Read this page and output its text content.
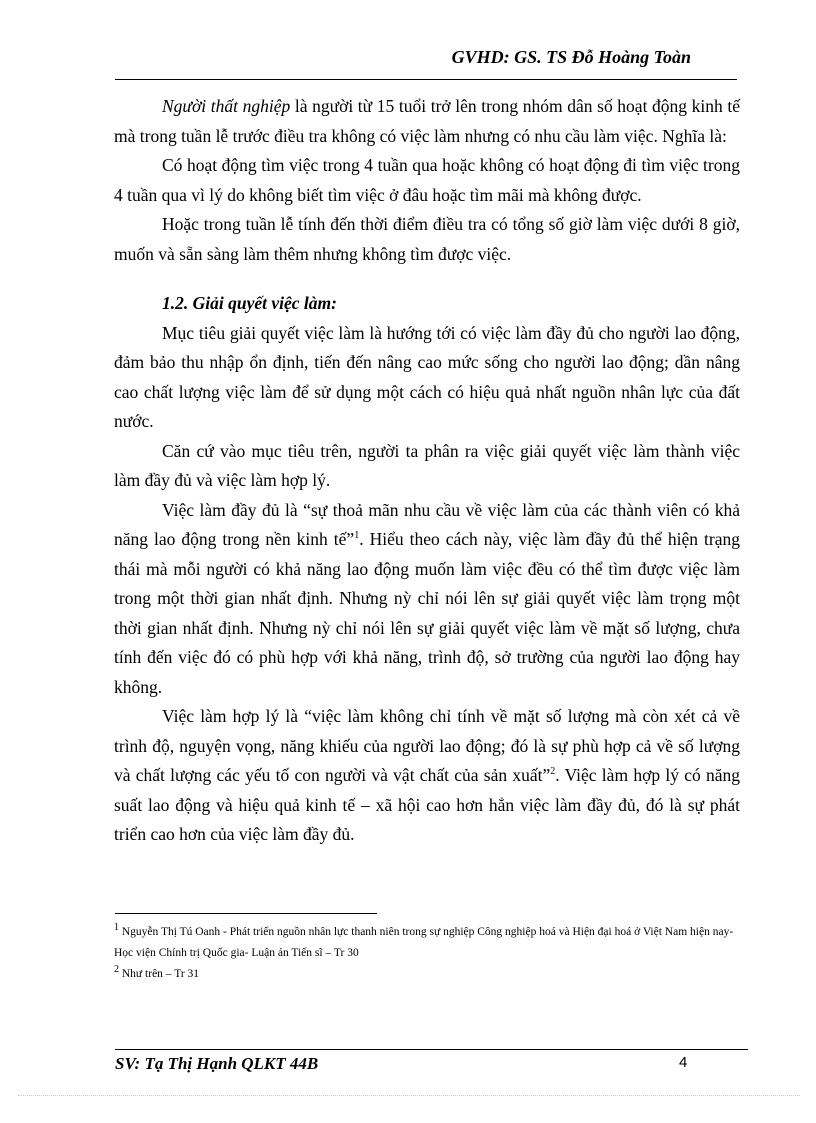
GVHD: GS. TS Đỗ Hoàng Toàn

Người thất nghiệp là người từ 15 tuổi trở lên trong nhóm dân số hoạt động kinh tế mà trong tuần lễ trước điều tra không có việc làm nhưng có nhu cầu làm việc. Nghĩa là:

Có hoạt động tìm việc trong 4 tuần qua hoặc không có hoạt động đi tìm việc trong 4 tuần qua vì lý do không biết tìm việc ở đâu hoặc tìm mãi mà không được.

Hoặc trong tuần lễ tính đến thời điểm điều tra có tổng số giờ làm việc dưới 8 giờ, muốn và sẵn sàng làm thêm nhưng không tìm được việc.

1.2. Giải quyết việc làm:

Mục tiêu giải quyết việc làm là hướng tới có việc làm đầy đủ cho người lao động, đảm bảo thu nhập ổn định, tiến đến nâng cao mức sống cho người lao động; dần nâng cao chất lượng việc làm để sử dụng một cách có hiệu quả nhất nguồn nhân lực của đất nước.

Căn cứ vào mục tiêu trên, người ta phân ra việc giải quyết việc làm thành việc làm đầy đủ và việc làm hợp lý.

Việc làm đầy đủ là “sự thoả mãn nhu cầu về việc làm của các thành viên có khả năng lao động trong nền kinh tế”$^1$. Hiểu theo cách này, việc làm đầy đủ thể hiện trạng thái mà mỗi người có khả năng lao động muốn làm việc đều có thể tìm được việc làm trong một thời gian nhất định. Nhưng nỳ chỉ nói lên sự giải quyết việc làm trọng một thời gian nhất định. Nhưng nỳ chỉ nói lên sự giải quyết việc làm về mặt số lượng, chưa tính đến việc đó có phù hợp với khả năng, trình độ, sở trường của người lao động hay không.

Việc làm hợp lý là “việc làm không chỉ tính về mặt số lượng mà còn xét cả về trình độ, nguyện vọng, năng khiếu của người lao động; đó là sự phù hợp cả về số lượng và chất lượng các yếu tố con người và vật chất của sản xuất”$^2$. Việc làm hợp lý có năng suất lao động và hiệu quả kinh tế – xã hội cao hơn hẳn việc làm đầy đủ, đó là sự phát triển cao hơn của việc làm đầy đủ.

$^1$ Nguyễn Thị Tú Oanh - Phát triển nguồn nhân lực thanh niên trong sự nghiệp Công nghiệp hoá và Hiện đại hoá ở Việt Nam hiện nay- Học viện Chính trị Quốc gia- Luận án Tiến sĩ – Tr 30

$^2$ Như trên – Tr 31

SV: Tạ Thị Hạnh QLKT 44B	4
